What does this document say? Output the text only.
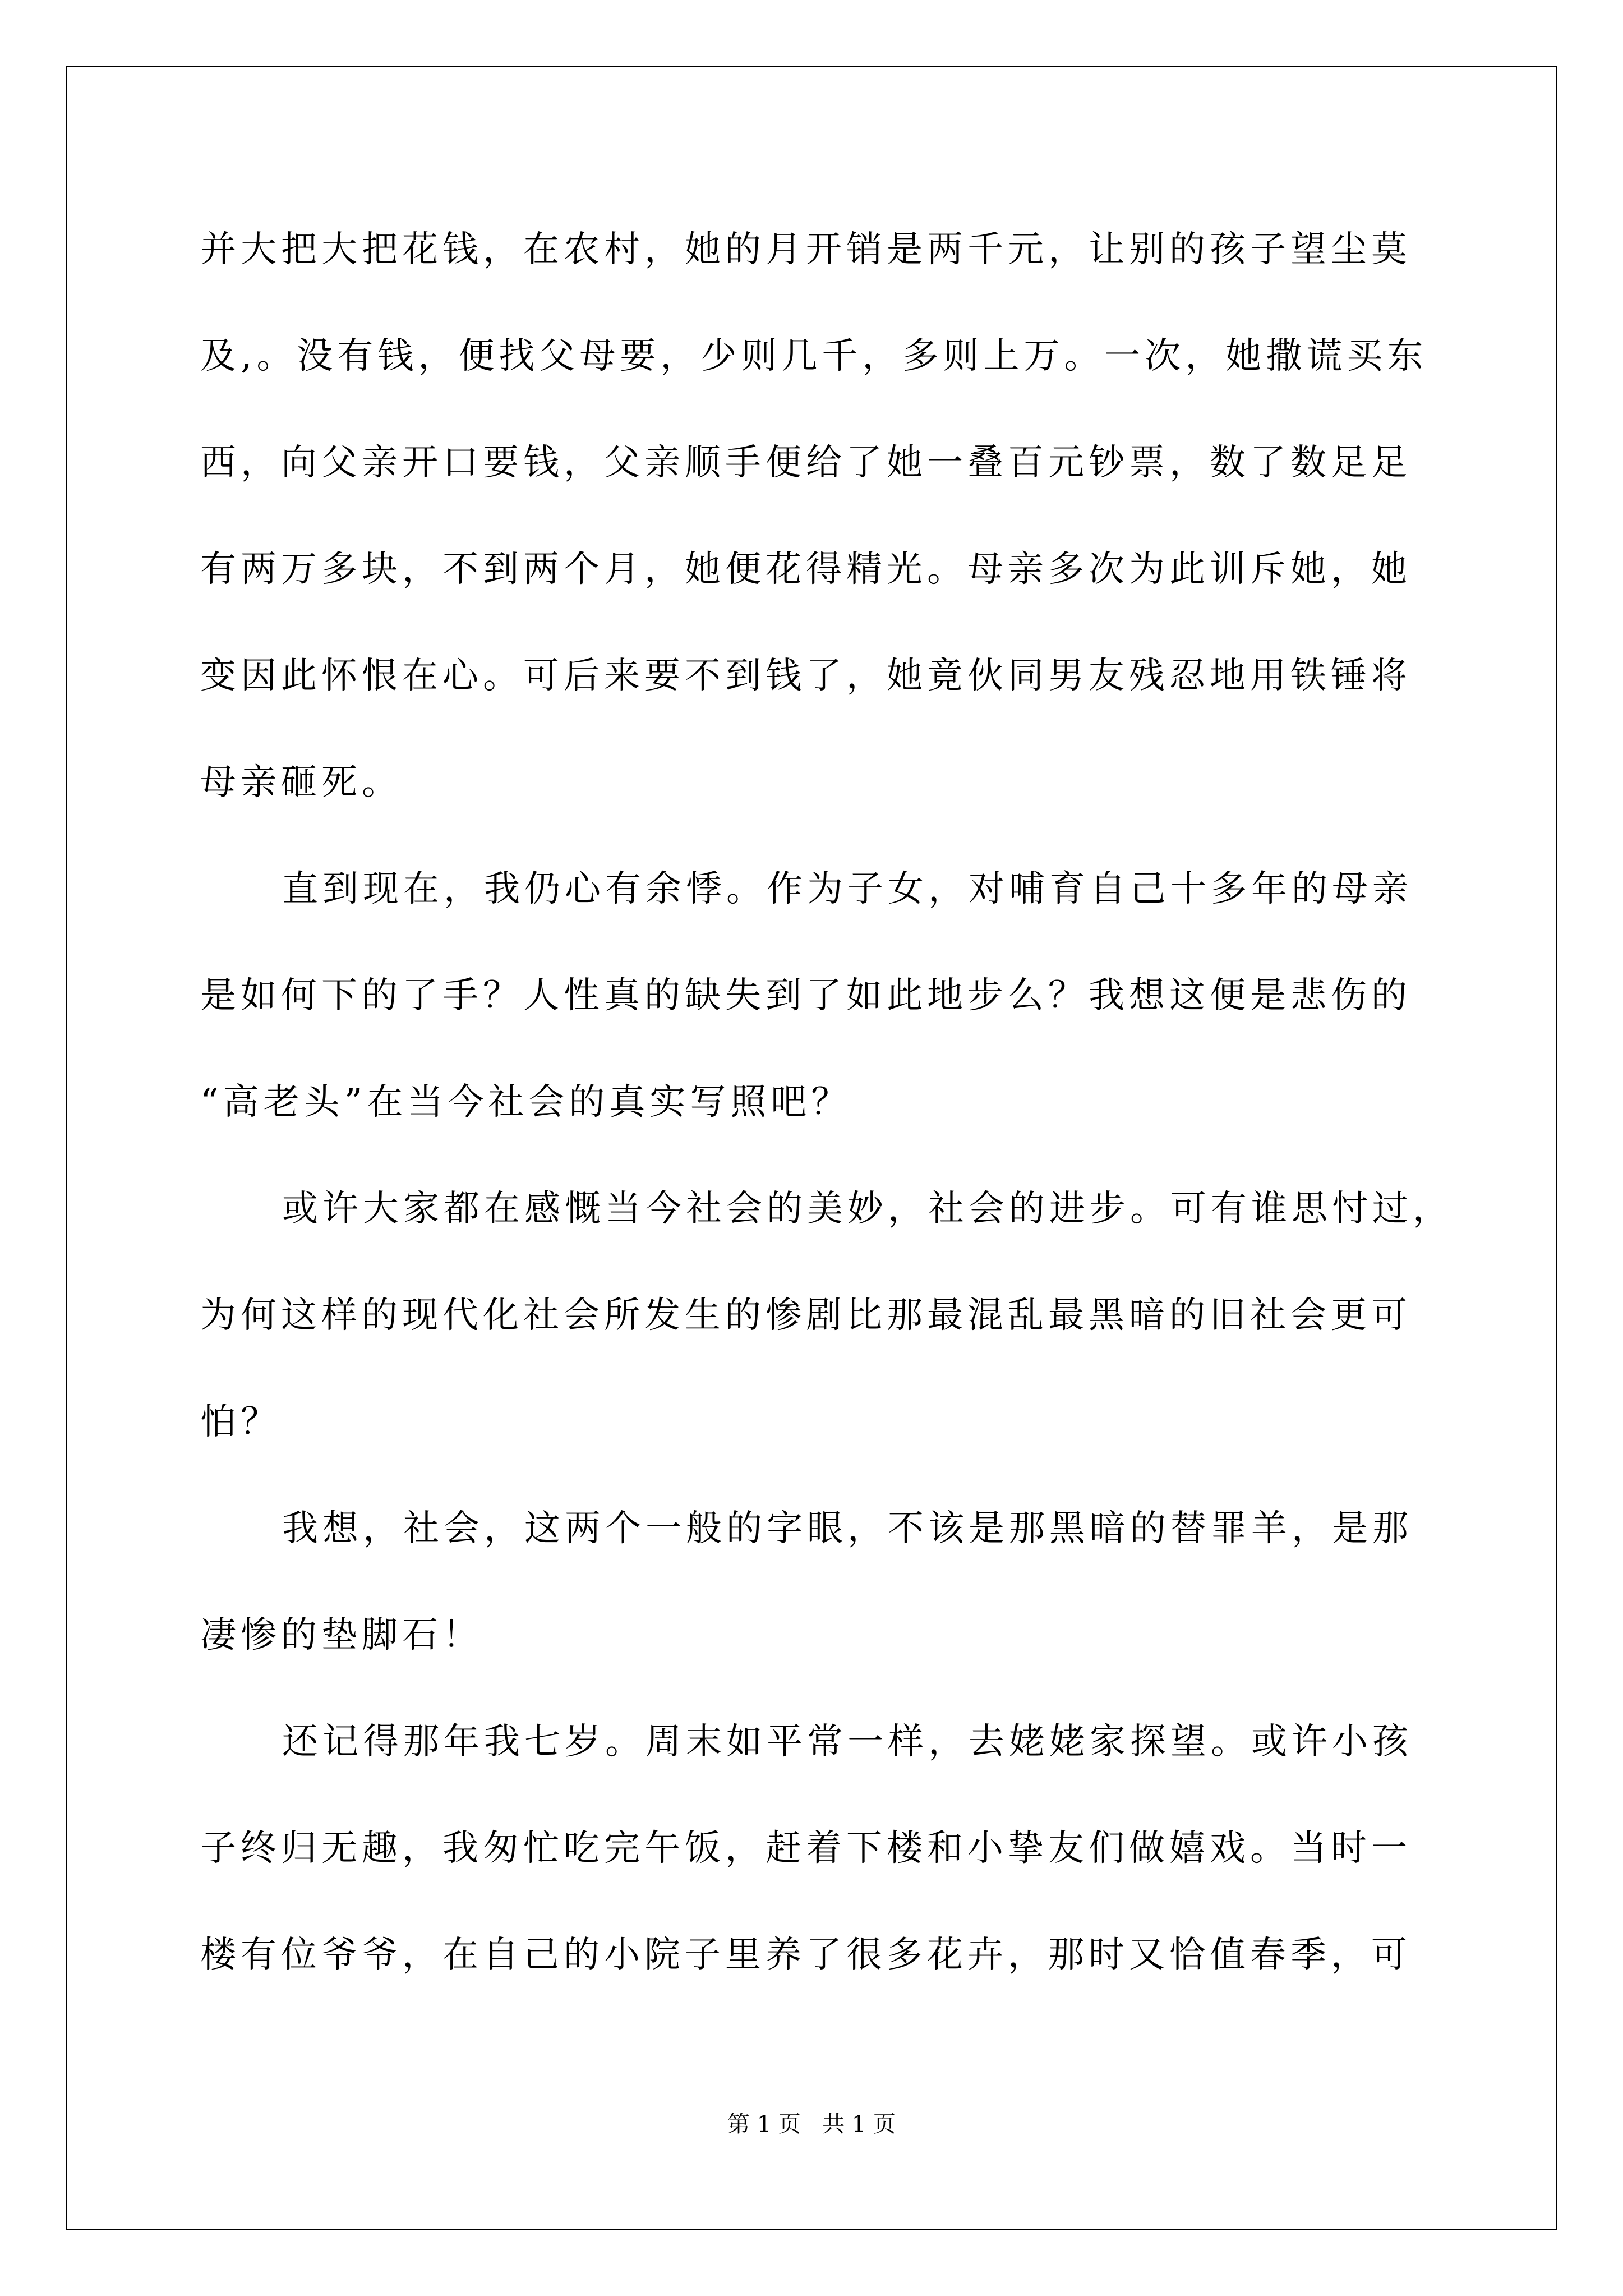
并大把大把花钱，在农村，她的月开销是两千元，让别的孩子望尘莫
及,。没有钱，便找父母要，少则几千，多则上万。一次，她撒谎买东
西，向父亲开口要钱，父亲顺手便给了她一叠百元钞票，数了数足足
有两万多块，不到两个月，她便花得精光。母亲多次为此训斥她，她
变因此怀恨在心。可后来要不到钱了，她竟伙同男友残忍地用铁锤将
母亲砸死。
直到现在，我仍心有余悸。作为子女，对哺育自己十多年的母亲
是如何下的了手？人性真的缺失到了如此地步么？我想这便是悲伤的
“高老头”在当今社会的真实写照吧？
或许大家都在感慨当今社会的美妙，社会的进步。可有谁思忖过，
为何这样的现代化社会所发生的惨剧比那最混乱最黑暗的旧社会更可
怕？
我想，社会，这两个一般的字眼，不该是那黑暗的替罪羊，是那
凄惨的垫脚石！
还记得那年我七岁。周末如平常一样，去姥姥家探望。或许小孩
子终归无趣，我匆忙吃完午饭，赶着下楼和小挚友们做嬉戏。当时一
楼有位爷爷，在自己的小院子里养了很多花卉，那时又恰值春季，可
第 1 页   共 1 页
